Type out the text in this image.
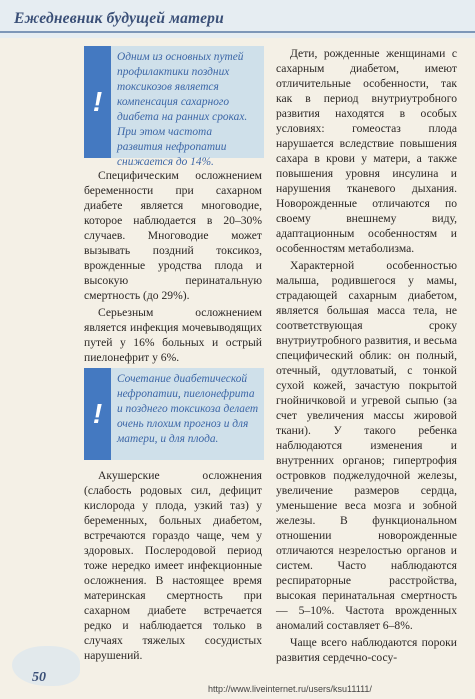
Ежедневник будущей матери
!
Одним из основных путей профилактики поздних токсикозов является компенсация сахарного диабета на ранних сроках. При этом частота развития нефропатии снижается до 14%.

Специфическим осложнением беременности при сахарном диабете является многоводие, которое наблюдается в 20–30% случаев. Многоводие может вызывать поздний токсикоз, врожденные уродства плода и высокую перинатальную смертность (до 29%).

Серьезным осложнением является инфекция мочевыводящих путей у 16% больных и острый пиелонефрит у 6%.

!
Сочетание диабетической нефропатии, пиелонефрита и позднего токсикоза делает очень плохим прогноз и для матери, и для плода.

Акушерские осложнения (слабость родовых сил, дефицит кислорода у плода, узкий таз) у беременных, больных диабетом, встречаются гораздо чаще, чем у здоровых. Послеродовой период тоже нередко имеет инфекционные осложнения. В настоящее время материнская смертность при сахарном диабете встречается редко и наблюдается только в случаях тяжелых сосудистых нарушений.

Дети, рожденные женщинами с сахарным диабетом, имеют отличительные особенности, так как в период внутриутробного развития находятся в особых условиях: гомеостаз плода нарушается вследствие повышения сахара в крови у матери, а также повышения уровня инсулина и нарушения тканевого дыхания. Новорожденные отличаются по своему внешнему виду, адаптационным особенностям и особенностям метаболизма.

Характерной особенностью малыша, родившегося у мамы, страдающей сахарным диабетом, является большая масса тела, не соответствующая сроку внутриутробного развития, и весьма специфический облик: он полный, отечный, одутловатый, с тонкой сухой кожей, зачастую покрытой гнойничковой и угревой сыпью (за счет увеличения массы жировой ткани). У такого ребенка наблюдаются изменения и внутренних органов; гипертрофия островков поджелудочной железы, увеличение размеров сердца, уменьшение веса мозга и зобной железы. В функциональном отношении новорожденные отличаются незрелостью органов и систем. Часто наблюдаются респираторные расстройства, высокая перинатальная смертность — 5–10%. Частота врожденных аномалий составляет 6–8%.

Чаще всего наблюдаются пороки развития сердечно-сосу-

50
http://www.liveinternet.ru/users/ksu11111/
